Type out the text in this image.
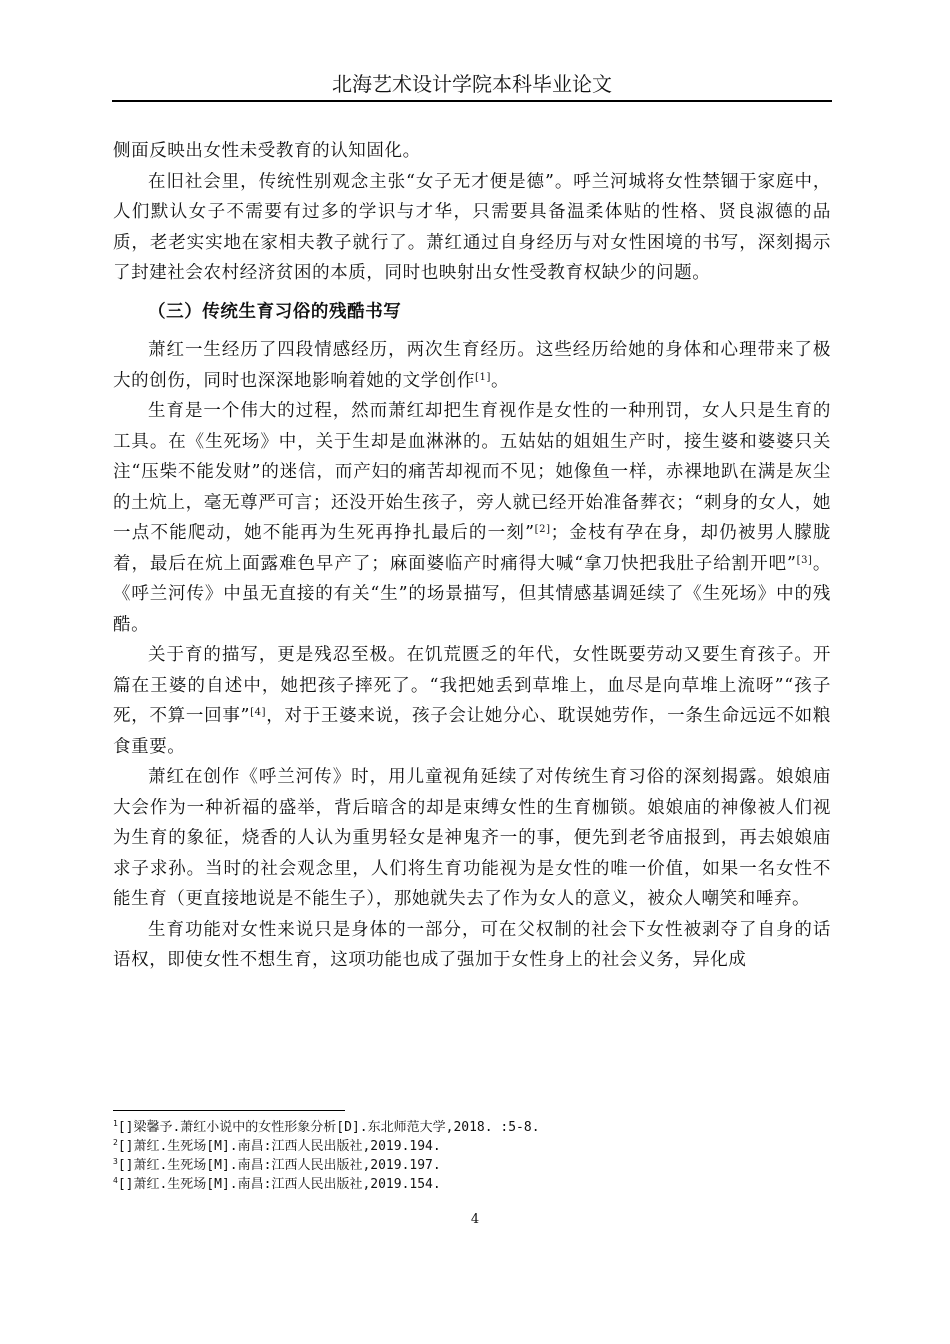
北海艺术设计学院本科毕业论文

侧面反映出女性未受教育的认知固化。

在旧社会里，传统性别观念主张“女子无才便是德”。呼兰河城将女性禁锢于家庭中，人们默认女子不需要有过多的学识与才华，只需要具备温柔体贴的性格、贤良淑德的品质，老老实实地在家相夫教子就行了。萧红通过自身经历与对女性困境的书写，深刻揭示了封建社会农村经济贫困的本质，同时也映射出女性受教育权缺少的问题。

（三）传统生育习俗的残酷书写

萧红一生经历了四段情感经历，两次生育经历。这些经历给她的身体和心理带来了极大的创伤，同时也深深地影响着她的文学创作[1]。

生育是一个伟大的过程，然而萧红却把生育视作是女性的一种刑罚，女人只是生育的工具。在《生死场》中，关于生却是血淋淋的。五姑姑的姐姐生产时，接生婆和婆婆只关注“压柴不能发财”的迷信，而产妇的痛苦却视而不见；她像鱼一样，赤裸地趴在满是灰尘的土炕上，毫无尊严可言；还没开始生孩子，旁人就已经开始准备葬衣；“刺身的女人，她一点不能爬动，她不能再为生死再挣扎最后的一刻”[2]；金枝有孕在身，却仍被男人朦胧着，最后在炕上面露难色早产了；麻面婆临产时痛得大喊“拿刀快把我肚子给割开吧”[3]。《呼兰河传》中虽无直接的有关“生”的场景描写，但其情感基调延续了《生死场》中的残酷。

关于育的描写，更是残忍至极。在饥荒匮乏的年代，女性既要劳动又要生育孩子。开篇在王婆的自述中，她把孩子摔死了。“我把她丢到草堆上，血尽是向草堆上流呀”“孩子死，不算一回事”[4]，对于王婆来说，孩子会让她分心、耽误她劳作，一条生命远远不如粮食重要。

萧红在创作《呼兰河传》时，用儿童视角延续了对传统生育习俗的深刻揭露。娘娘庙大会作为一种祈福的盛举，背后暗含的却是束缚女性的生育枷锁。娘娘庙的神像被人们视为生育的象征，烧香的人认为重男轻女是神鬼齐一的事，便先到老爷庙报到，再去娘娘庙求子求孙。当时的社会观念里，人们将生育功能视为是女性的唯一价值，如果一名女性不能生育（更直接地说是不能生子），那她就失去了作为女人的意义，被众人嘲笑和唾弃。

生育功能对女性来说只是身体的一部分，可在父权制的社会下女性被剥夺了自身的话语权，即使女性不想生育，这项功能也成了强加于女性身上的社会义务，异化成

$^1$[]梁馨予.萧红小说中的女性形象分析[D].东北师范大学,2018. :5-8.
$^2$[]萧红.生死场[M].南昌:江西人民出版社,2019.194.
$^3$[]萧红.生死场[M].南昌:江西人民出版社,2019.197.
$^4$[]萧红.生死场[M].南昌:江西人民出版社,2019.154.
4
